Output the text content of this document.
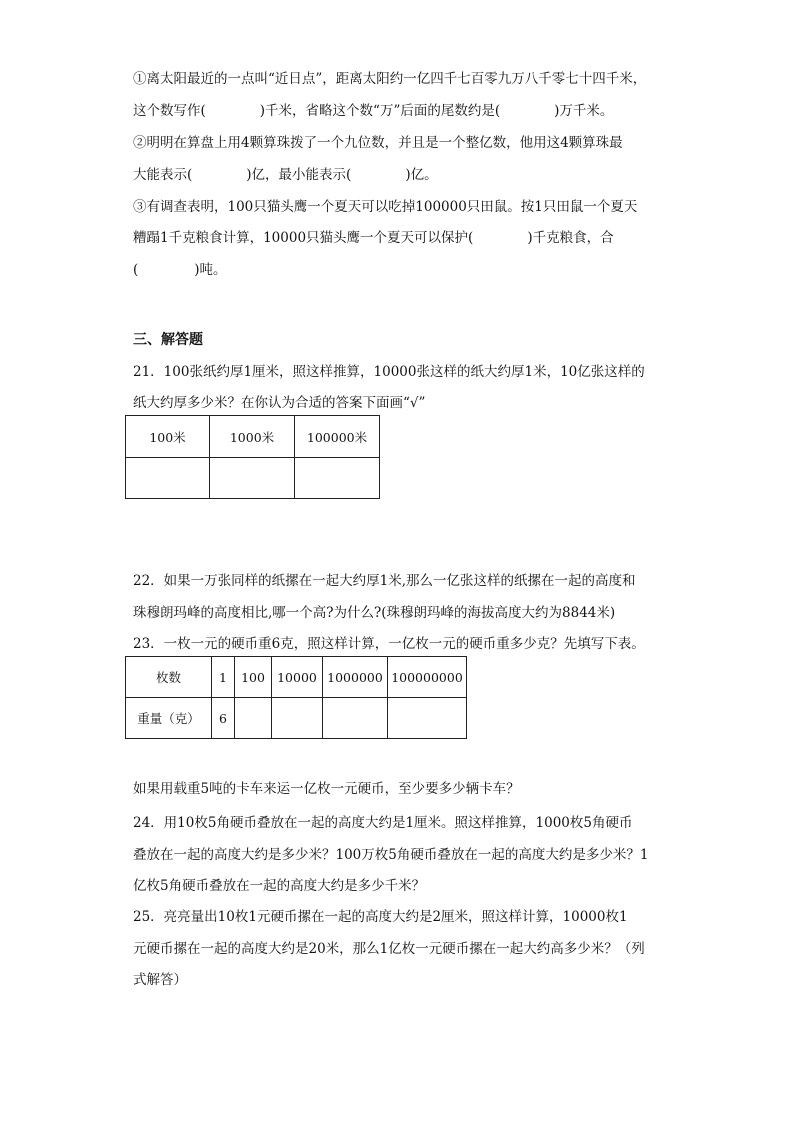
①离太阳最近的一点叫“近日点”，距离太阳约一亿四千七百零九万八千零七十四千米，
这个数写作(	)千米，省略这个数“万”后面的尾数约是(	)万千米。
②明明在算盘上用4颗算珠拨了一个九位数，并且是一个整亿数，他用这4颗算珠最
大能表示(	)亿，最小能表示(	)亿。
③有调查表明，100只猫头鹰一个夏天可以吃掉100000只田鼠。按1只田鼠一个夏天
糟蹋1千克粮食计算，10000只猫头鹰一个夏天可以保护(	)千克粮食，合
(	)吨。
三、解答题
21．100张纸约厚1厘米，照这样推算，10000张这样的纸大约厚1米，10亿张这样的
纸大约厚多少米？在你认为合适的答案下面画“√”
100米	1000米	100000米

22．如果一万张同样的纸摞在一起大约厚1米,那么一亿张这样的纸摞在一起的高度和
珠穆朗玛峰的高度相比,哪一个高?为什么?(珠穆朗玛峰的海拔高度大约为8844米)
23．一枚一元的硬币重6克，照这样计算，一亿枚一元的硬币重多少克？先填写下表。
枚数	1	100	10000	1000000	100000000
重量（克）	6				
如果用载重5吨的卡车来运一亿枚一元硬币，至少要多少辆卡车？
24．用10枚5角硬币叠放在一起的高度大约是1厘米。照这样推算，1000枚5角硬币
叠放在一起的高度大约是多少米？100万枚5角硬币叠放在一起的高度大约是多少米？1
亿枚5角硬币叠放在一起的高度大约是多少千米？
25．亮亮量出10枚1元硬币摞在一起的高度大约是2厘米，照这样计算，10000枚1
元硬币摞在一起的高度大约是20米，那么1亿枚一元硬币摞在一起大约高多少米？（列
式解答）
